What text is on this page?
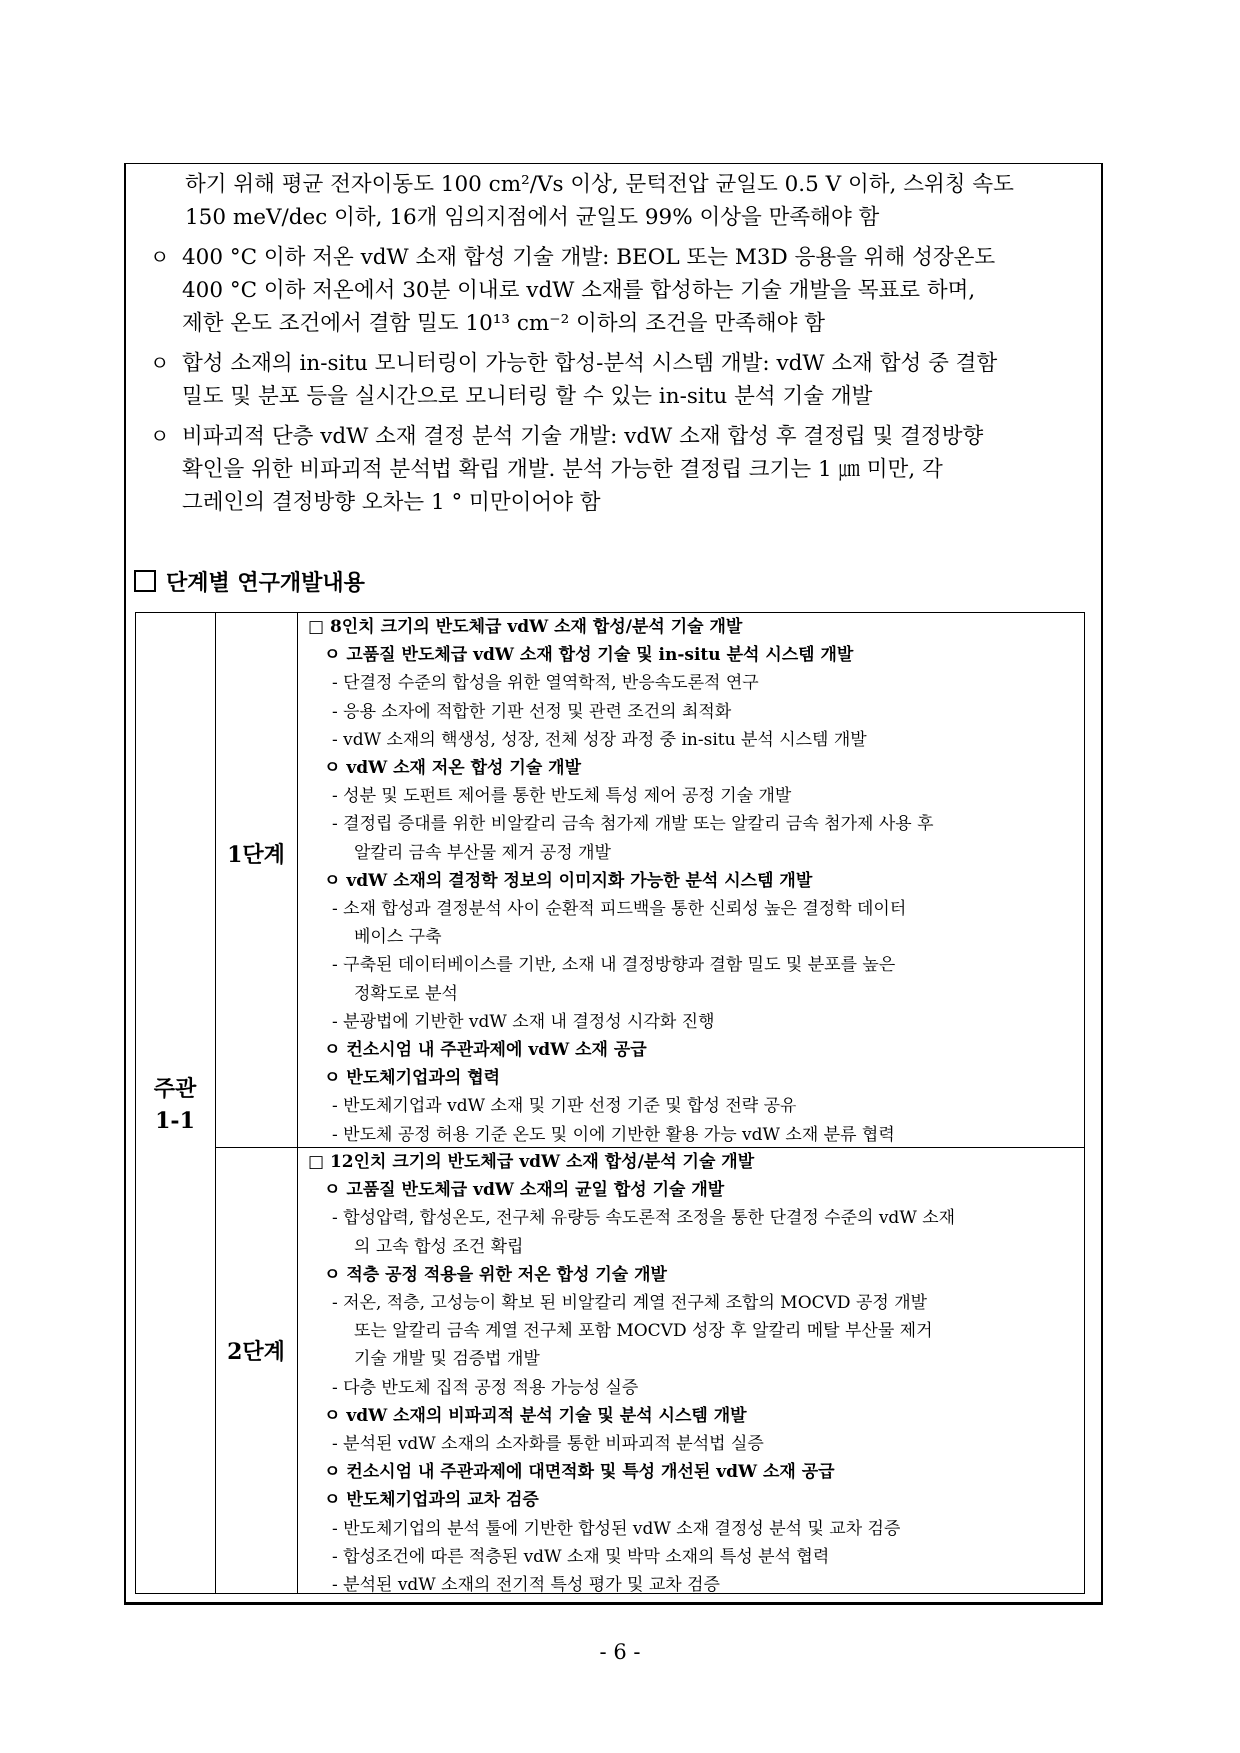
하기 위해 평균 전자이동도 100 cm²/Vs 이상, 문턱전압 균일도 0.5 V 이하, 스위칭 속도
150 meV/dec 이하, 16개 임의지점에서 균일도 99% 이상을 만족해야 함
ㅇ 400 °C 이하 저온 vdW 소재 합성 기술 개발: BEOL 또는 M3D 응용을 위해 성장온도
400 °C 이하 저온에서 30분 이내로 vdW 소재를 합성하는 기술 개발을 목표로 하며,
제한 온도 조건에서 결함 밀도 10¹³ cm⁻² 이하의 조건을 만족해야 함
ㅇ 합성 소재의 in-situ 모니터링이 가능한 합성-분석 시스템 개발: vdW 소재 합성 중 결함
밀도 및 분포 등을 실시간으로 모니터링 할 수 있는 in-situ 분석 기술 개발
ㅇ 비파괴적 단층 vdW 소재 결정 분석 기술 개발: vdW 소재 합성 후 결정립 및 결정방향
확인을 위한 비파괴적 분석법 확립 개발. 분석 가능한 결정립 크기는 1 ㎛ 미만, 각
그레인의 결정방향 오차는 1 ° 미만이어야 함
단계별 연구개발내용
주관
1-1
1단계
□ 8인치 크기의 반도체급 vdW 소재 합성/분석 기술 개발
ㅇ 고품질 반도체급 vdW 소재 합성 기술 및 in-situ 분석 시스템 개발
- 단결정 수준의 합성을 위한 열역학적, 반응속도론적 연구
- 응용 소자에 적합한 기판 선정 및 관련 조건의 최적화
- vdW 소재의 핵생성, 성장, 전체 성장 과정 중 in-situ 분석 시스템 개발
ㅇ vdW 소재 저온 합성 기술 개발
- 성분 및 도펀트 제어를 통한 반도체 특성 제어 공정 기술 개발
- 결정립 증대를 위한 비알칼리 금속 첨가제 개발 또는 알칼리 금속 첨가제 사용 후
알칼리 금속 부산물 제거 공정 개발
ㅇ vdW 소재의 결정학 정보의 이미지화 가능한 분석 시스템 개발
- 소재 합성과 결정분석 사이 순환적 피드백을 통한 신뢰성 높은 결정학 데이터
베이스 구축
- 구축된 데이터베이스를 기반, 소재 내 결정방향과 결함 밀도 및 분포를 높은
정확도로 분석
- 분광법에 기반한 vdW 소재 내 결정성 시각화 진행
ㅇ 컨소시엄 내 주관과제에 vdW 소재 공급
ㅇ 반도체기업과의 협력
- 반도체기업과 vdW 소재 및 기판 선정 기준 및 합성 전략 공유
- 반도체 공정 허용 기준 온도 및 이에 기반한 활용 가능 vdW 소재 분류 협력
2단계
□ 12인치 크기의 반도체급 vdW 소재 합성/분석 기술 개발
ㅇ 고품질 반도체급 vdW 소재의 균일 합성 기술 개발
- 합성압력, 합성온도, 전구체 유량등 속도론적 조정을 통한 단결정 수준의 vdW 소재
의 고속 합성 조건 확립
ㅇ 적층 공정 적용을 위한 저온 합성 기술 개발
- 저온, 적층, 고성능이 확보 된 비알칼리 계열 전구체 조합의 MOCVD 공정 개발
또는 알칼리 금속 계열 전구체 포함 MOCVD 성장 후 알칼리 메탈 부산물 제거
기술 개발 및 검증법 개발
- 다층 반도체 집적 공정 적용 가능성 실증
ㅇ vdW 소재의 비파괴적 분석 기술 및 분석 시스템 개발
- 분석된 vdW 소재의 소자화를 통한 비파괴적 분석법 실증
ㅇ 컨소시엄 내 주관과제에 대면적화 및 특성 개선된 vdW 소재 공급
ㅇ 반도체기업과의 교차 검증
- 반도체기업의 분석 툴에 기반한 합성된 vdW 소재 결정성 분석 및 교차 검증
- 합성조건에 따른 적층된 vdW 소재 및 박막 소재의 특성 분석 협력
- 분석된 vdW 소재의 전기적 특성 평가 및 교차 검증
- 6 -
